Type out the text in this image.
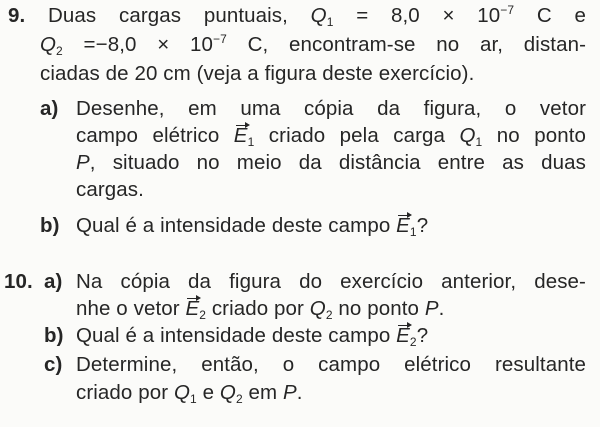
9. Duas cargas puntuais, $Q_1 = 8,0 \times 10^{-7}$ C e
$Q_2 =-8,0 \times 10^{-7}$ C, encontram-se no ar, distan-
ciadas de 20 cm (veja a figura deste exercício).
a) Desenhe, em uma cópia da figura, o vetor
campo elétrico $E_1$ criado pela carga $Q_1$ no ponto
P, situado no meio da distância entre as duas
cargas.
b) Qual é a intensidade deste campo $E_1$?
10. a) Na cópia da figura do exercício anterior, dese-
nhe o vetor $E_2$ criado por $Q_2$ no ponto P.
b) Qual é a intensidade deste campo $E_2$?
c) Determine, então, o campo elétrico resultante
criado por $Q_1$ e $Q_2$ em P.
